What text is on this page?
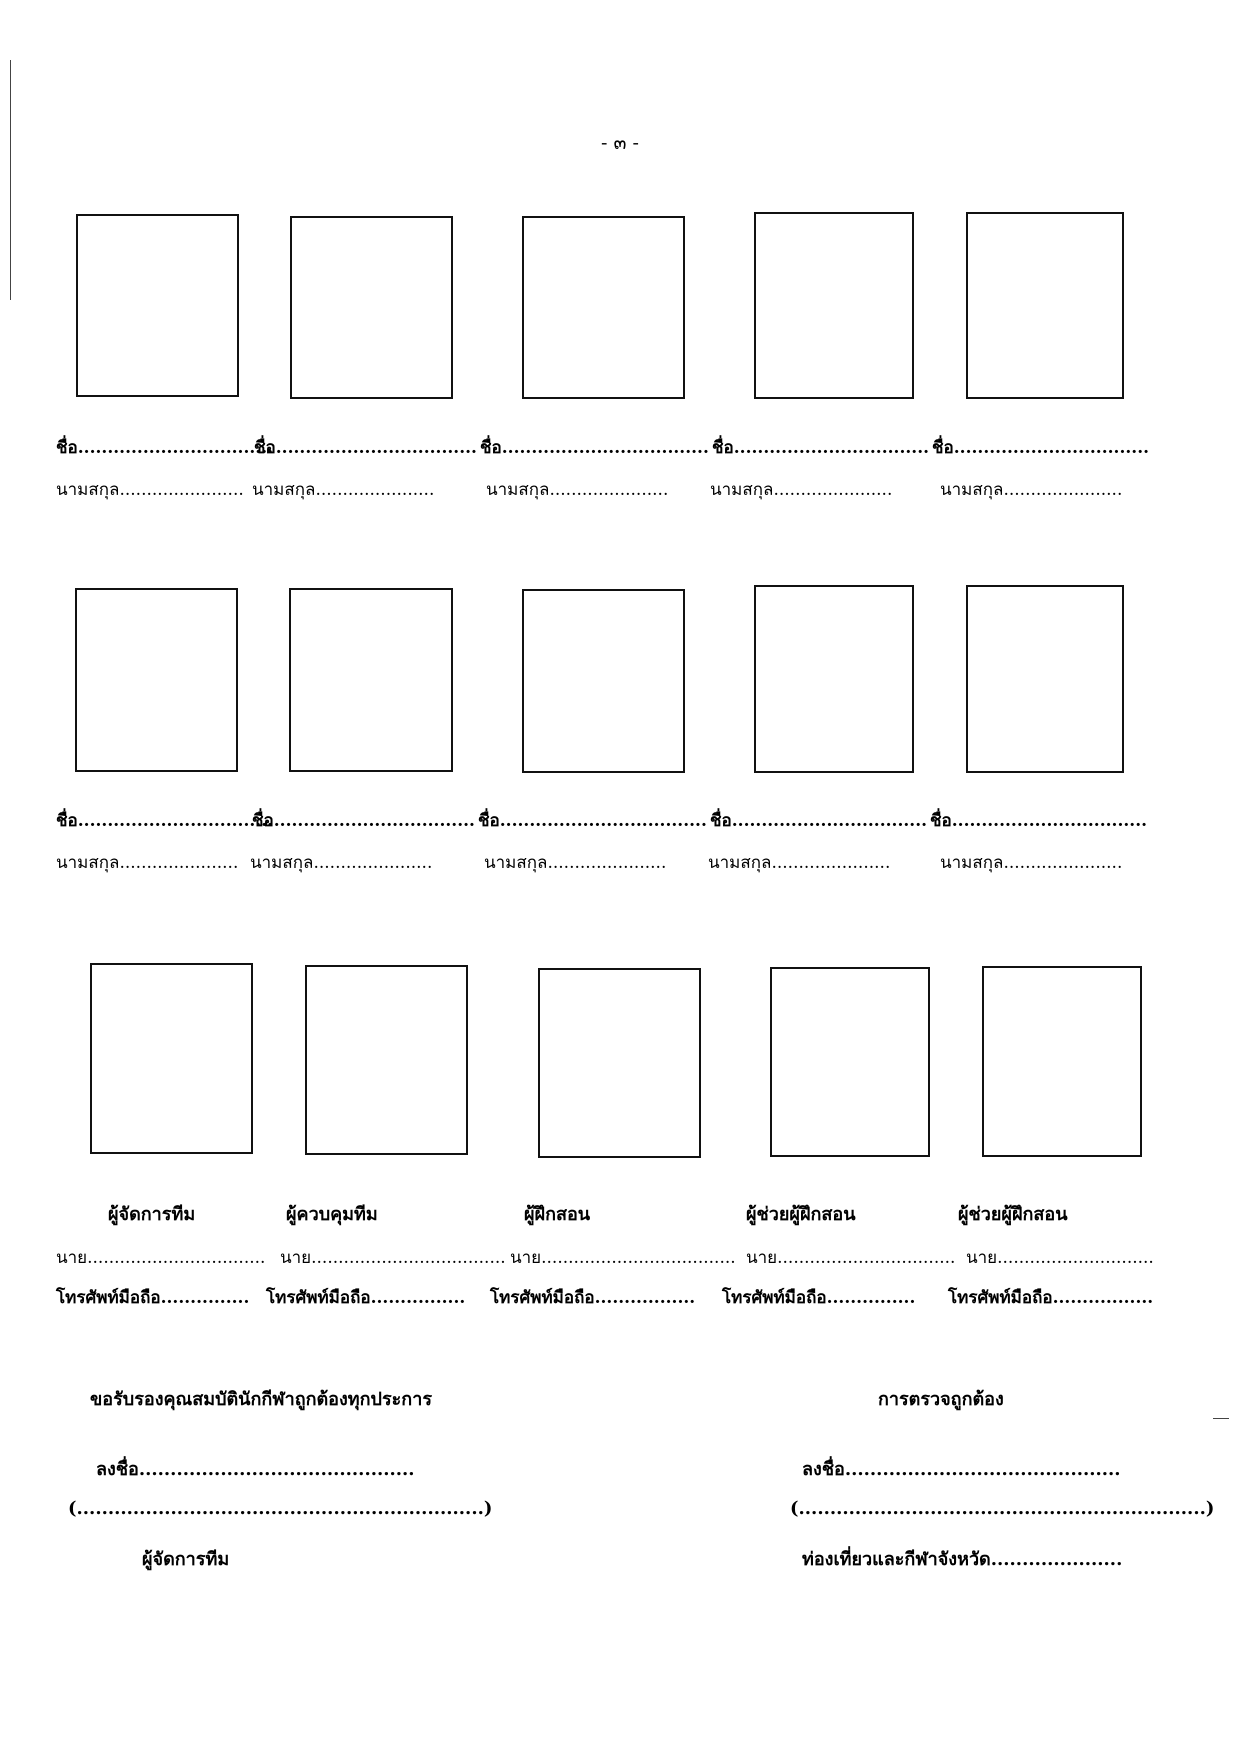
- ๓ -
ชื่อ.................................
นามสกุล.......................
ชื่อ..................................
นามสกุล......................
ชื่อ...................................
นามสกุล......................
ชื่อ.................................
นามสกุล......................
ชื่อ.................................
นามสกุล......................
ชื่อ.................................
นามสกุล......................
ชื่อ..................................
นามสกุล......................
ชื่อ...................................
นามสกุล......................
ชื่อ.................................
นามสกุล......................
ชื่อ.................................
นามสกุล......................
ผู้จัดการทีม	ผู้ควบคุมทีม	ผู้ฝึกสอน	ผู้ช่วยผู้ฝึกสอน	ผู้ช่วยผู้ฝึกสอน
นาย................................. นาย.................................... นาย.................................... นาย................................. นาย.............................
โทรศัพท์มือถือ............... โทรศัพท์มือถือ................ โทรศัพท์มือถือ................. โทรศัพท์มือถือ............... โทรศัพท์มือถือ.................
ขอรับรองคุณสมบัตินักกีฬาถูกต้องทุกประการ
ลงชื่อ............................................
(.................................................................)
ผู้จัดการทีม
การตรวจถูกต้อง
ลงชื่อ............................................
(.................................................................)
ท่องเที่ยวและกีฬาจังหวัด.....................
